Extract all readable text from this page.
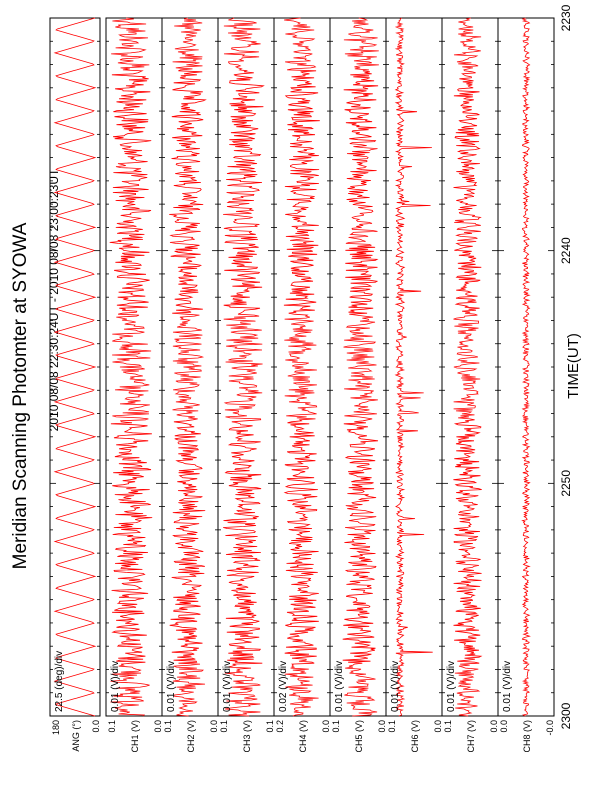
Meridian Scanning Photomter at SYOWA 2010 08/08 22:30:24UT - 2010 08/08 23:00:23UT	TIME(UT)
22.5 (deg)/div
0.0
180 ANG (°)
0.01 (V)/div
0.0
0.1 CH1 (V)
0.01 (V)/div
0.0
0.1 CH2 (V)
0.01 (V)/div
0.1
0.1 CH3 (V)
0.02 (V)/div
0.0
0.2 CH4 (V)
0.01 (V)/div
0.0
0.1 CH5 (V)
0.01 (V)/div
0.0
0.1 CH6 (V)
0.01 (V)/div
0.0
0.1 CH7 (V)
0.01 (V)/div
-0.0
0.0 CH8 (V)
2230
2240
2250
2300
